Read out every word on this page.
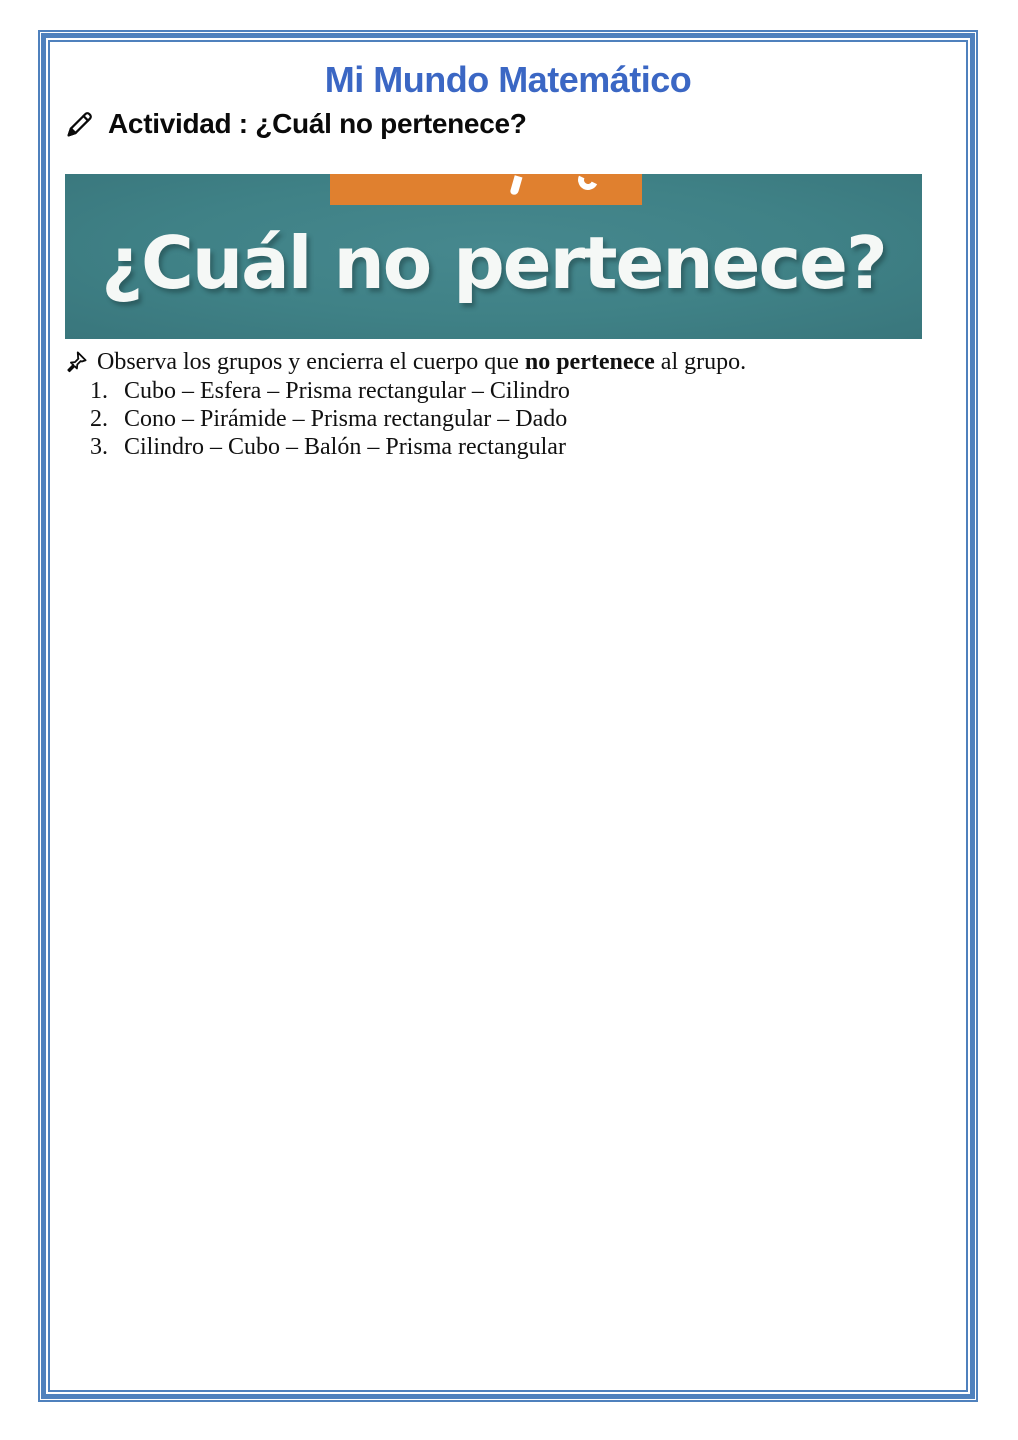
Mi Mundo Matemático
Actividad : ¿Cuál no pertenece?
¿Cuál no pertenece?
Observa los grupos y encierra el cuerpo que no pertenece al grupo.
1. Cubo – Esfera – Prisma rectangular – Cilindro
2. Cono – Pirámide – Prisma rectangular – Dado
3. Cilindro – Cubo – Balón – Prisma rectangular
